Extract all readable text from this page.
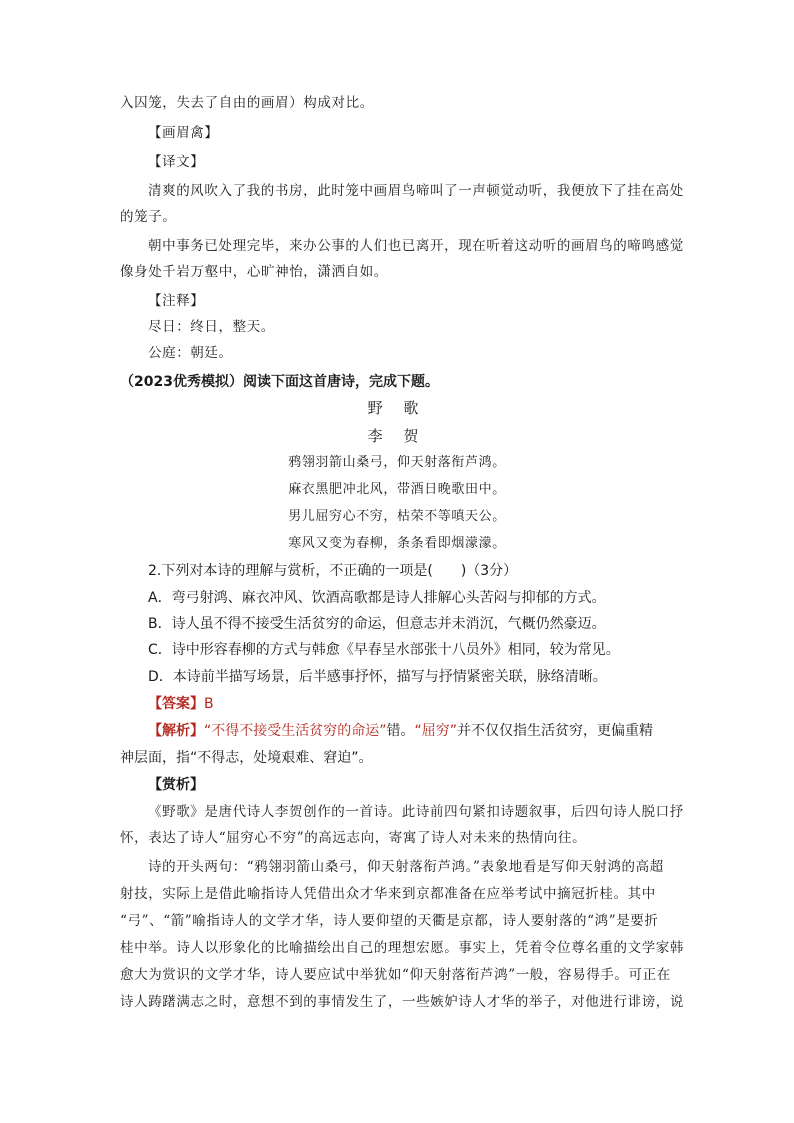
入囚笼，失去了自由的画眉）构成对比。
【画眉禽】
【译文】
清爽的风吹入了我的书房，此时笼中画眉鸟啼叫了一声顿觉动听，我便放下了挂在高处
的笼子。
朝中事务已处理完毕，来办公事的人们也已离开，现在听着这动听的画眉鸟的啼鸣感觉
像身处千岩万壑中，心旷神怡，潇洒自如。
【注释】
尽日：终日，整天。
公庭：朝廷。
（2023优秀模拟）阅读下面这首唐诗，完成下题。
野 歌
李 贺
鸦翎羽箭山桑弓，仰天射落衔芦鸿。
麻衣黑肥冲北风，带酒日晚歌田中。
男儿屈穷心不穷，枯荣不等嗔天公。
寒风又变为春柳，条条看即烟濛濛。
2.下列对本诗的理解与赏析，不正确的一项是(　　)（3分）
A．弯弓射鸿、麻衣冲风、饮酒高歌都是诗人排解心头苦闷与抑郁的方式。
B．诗人虽不得不接受生活贫穷的命运，但意志并未消沉，气概仍然豪迈。
C．诗中形容春柳的方式与韩愈《早春呈水部张十八员外》相同，较为常见。
D．本诗前半描写场景，后半感事抒怀，描写与抒情紧密关联，脉络清晰。
【答案】B
【解析】“不得不接受生活贫穷的命运”错。“屈穷”并不仅仅指生活贫穷，更偏重精
神层面，指“不得志，处境艰难、窘迫”。
【赏析】
《野歌》是唐代诗人李贺创作的一首诗。此诗前四句紧扣诗题叙事，后四句诗人脱口抒
怀，表达了诗人“屈穷心不穷”的高远志向，寄寓了诗人对未来的热情向往。
诗的开头两句：“鸦翎羽箭山桑弓，仰天射落衔芦鸿。”表象地看是写仰天射鸿的高超
射技，实际上是借此喻指诗人凭借出众才华来到京都准备在应举考试中摘冠折桂。其中
“弓”、“箭”喻指诗人的文学才华，诗人要仰望的天衢是京都，诗人要射落的“鸿”是要折
桂中举。诗人以形象化的比喻描绘出自己的理想宏愿。事实上，凭着令位尊名重的文学家韩
愈大为赏识的文学才华，诗人要应试中举犹如“仰天射落衔芦鸿”一般，容易得手。可正在
诗人踌躇满志之时，意想不到的事情发生了，一些嫉妒诗人才华的举子，对他进行诽谤，说
